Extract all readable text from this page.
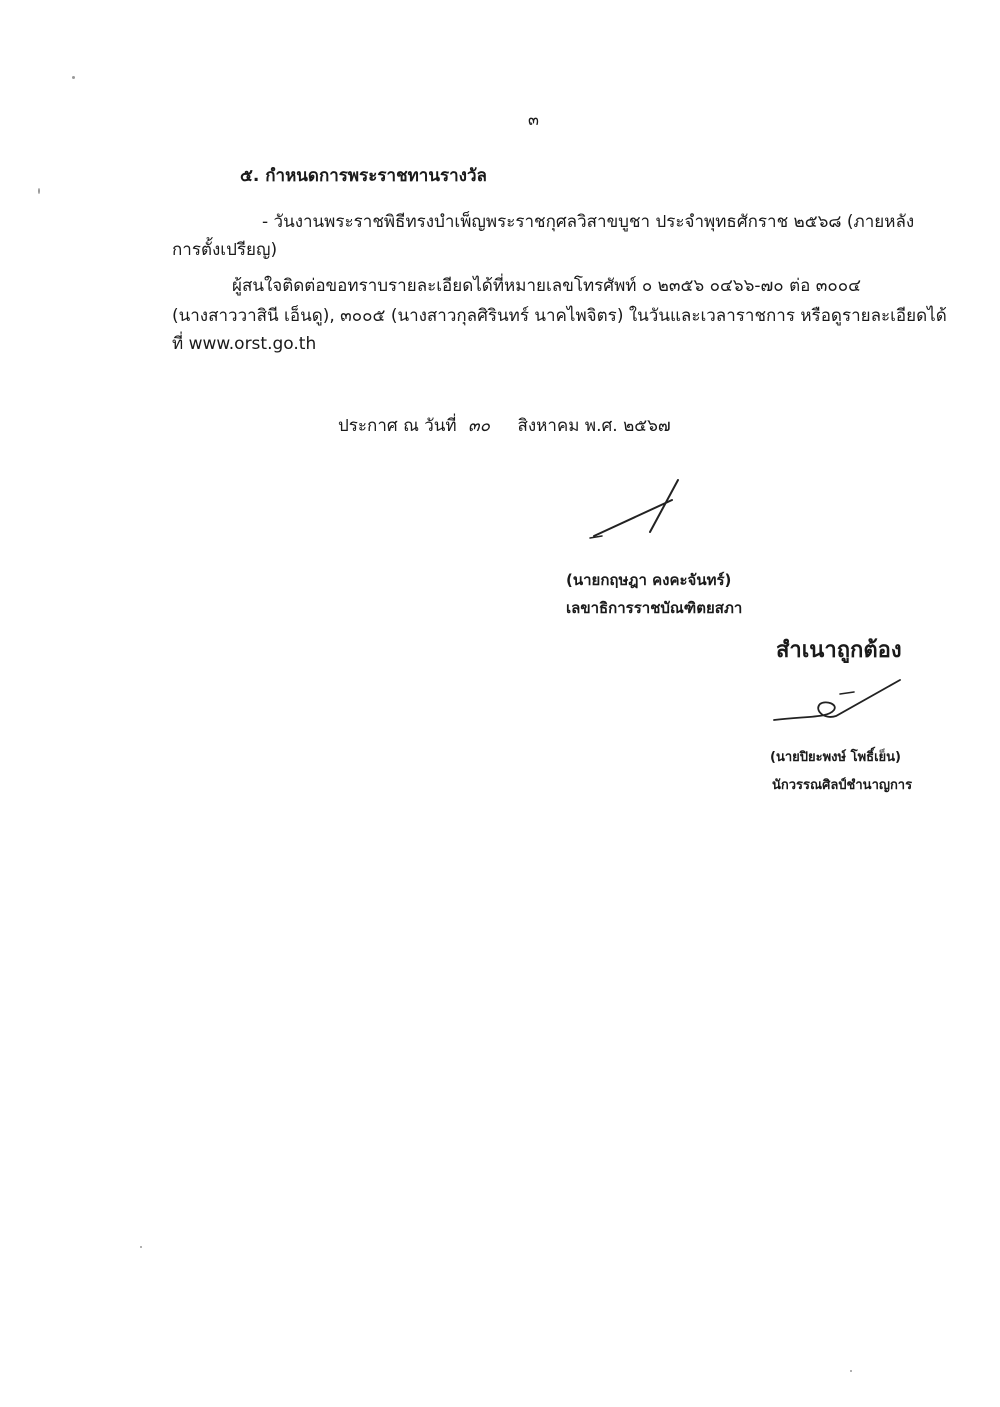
๓
๕. กำหนดการพระราชทานรางวัล
- วันงานพระราชพิธีทรงบำเพ็ญพระราชกุศลวิสาขบูชา ประจำพุทธศักราช ๒๕๖๘ (ภายหลัง
การตั้งเปรียญ)
ผู้สนใจติดต่อขอทราบรายละเอียดได้ที่หมายเลขโทรศัพท์ ๐ ๒๓๕๖ ๐๔๖๖-๗๐ ต่อ ๓๐๐๔
(นางสาววาสินี เอ็นดู), ๓๐๐๕ (นางสาวกุลศิรินทร์ นาคไพจิตร) ในวันและเวลาราชการ หรือดูรายละเอียดได้
ที่ www.orst.go.th
ประกาศ ณ วันที่ ๓๐ สิงหาคม พ.ศ. ๒๕๖๗
(นายกฤษฎา คงคะจันทร์)
เลขาธิการราชบัณฑิตยสภา
สำเนาถูกต้อง
(นายปิยะพงษ์ โพธิ์เย็น)
นักวรรณศิลป์ชำนาญการ
